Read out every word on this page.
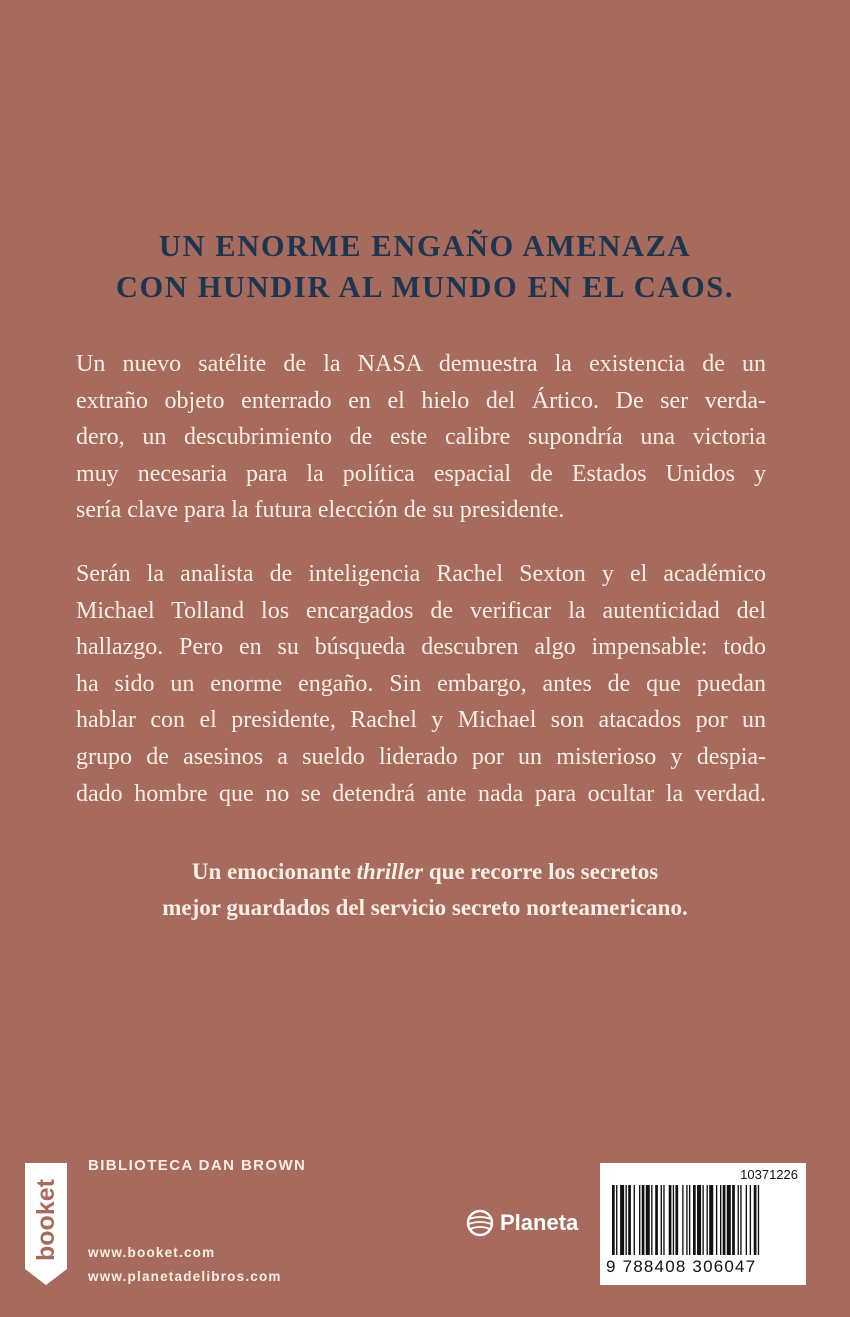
UN ENORME ENGAÑO AMENAZA
CON HUNDIR AL MUNDO EN EL CAOS.
Un nuevo satélite de la NASA demuestra la existencia de un
extraño objeto enterrado en el hielo del Ártico. De ser verda-
dero, un descubrimiento de este calibre supondría una victoria
muy necesaria para la política espacial de Estados Unidos y
sería clave para la futura elección de su presidente.
Serán la analista de inteligencia Rachel Sexton y el académico
Michael Tolland los encargados de verificar la autenticidad del
hallazgo. Pero en su búsqueda descubren algo impensable: todo
ha sido un enorme engaño. Sin embargo, antes de que puedan
hablar con el presidente, Rachel y Michael son atacados por un
grupo de asesinos a sueldo liderado por un misterioso y despia-
dado hombre que no se detendrá ante nada para ocultar la verdad.
Un emocionante thriller que recorre los secretos
mejor guardados del servicio secreto norteamericano.
booket
BIBLIOTECA DAN BROWN
www.booket.com
www.planetadelibros.com
Planeta
10371226
9 788408 306047
